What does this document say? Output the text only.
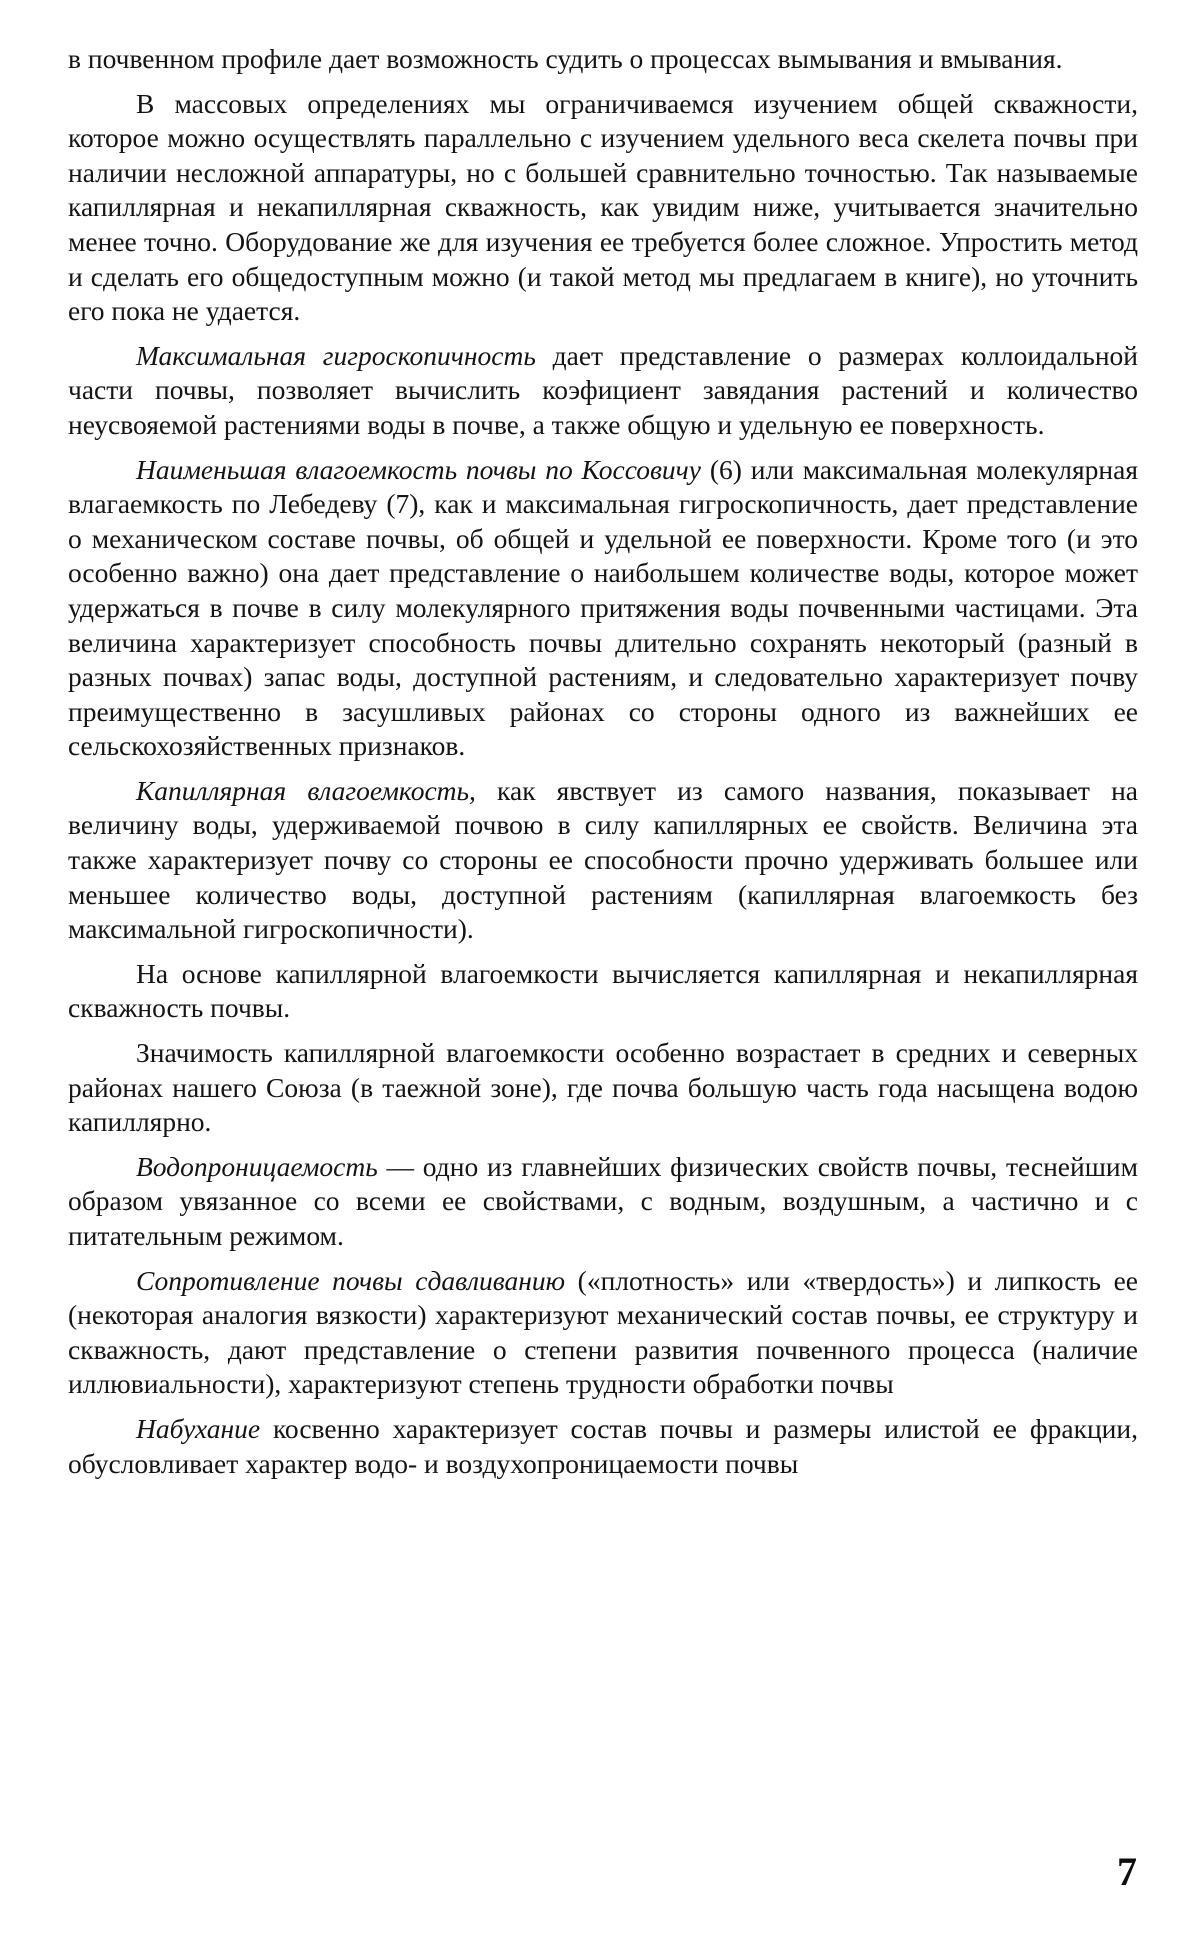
в почвенном профиле дает возможность судить о процессах вымывания и вмывания.

В массовых определениях мы ограничиваемся изучением общей скважности, которое можно осуществлять параллельно с изучением удельного веса скелета почвы при наличии несложной аппаратуры, но с большей сравнительно точностью. Так называемые капиллярная и некапиллярная скважность, как увидим ниже, учитывается значительно менее точно. Оборудование же для изучения ее требуется более сложное. Упростить метод и сделать его общедоступным можно (и такой метод мы предлагаем в книге), но уточнить его пока не удается.

Максимальная гигроскопичность дает представление о размерах коллоидальной части почвы, позволяет вычислить коэфициент завядания растений и количество неусвояемой растениями воды в почве, а также общую и удельную ее поверхность.

Наименьшая влагоемкость почвы по Коссовичу (6) или максимальная молекулярная влагаемкость по Лебедеву (7), как и максимальная гигроскопичность, дает представление о механическом составе почвы, об общей и удельной ее поверхности. Кроме того (и это особенно важно) она дает представление о наибольшем количестве воды, которое может удержаться в почве в силу молекулярного притяжения воды почвенными частицами. Эта величина характеризует способность почвы длительно сохранять некоторый (разный в разных почвах) запас воды, доступной растениям, и следовательно характеризует почву преимущественно в засушливых районах со стороны одного из важнейших ее сельскохозяйственных признаков.

Капиллярная влагоемкость, как явствует из самого названия, показывает на величину воды, удерживаемой почвою в силу капиллярных ее свойств. Величина эта также характеризует почву со стороны ее способности прочно удерживать большее или меньшее количество воды, доступной растениям (капиллярная влагоемкость без максимальной гигроскопичности).

На основе капиллярной влагоемкости вычисляется капиллярная и некапиллярная скважность почвы.

Значимость капиллярной влагоемкости особенно возрастает в средних и северных районах нашего Союза (в таежной зоне), где почва большую часть года насыщена водою капиллярно.

Водопроницаемость — одно из главнейших физических свойств почвы, теснейшим образом увязанное со всеми ее свойствами, с водным, воздушным, а частично и с питательным режимом.

Сопротивление почвы сдавливанию («плотность» или «твердость») и липкость ее (некоторая аналогия вязкости) характеризуют механический состав почвы, ее структуру и скважность, дают представление о степени развития почвенного процесса (наличие иллювиальности), характеризуют степень трудности обработки почвы

Набухание косвенно характеризует состав почвы и размеры илистой ее фракции, обусловливает характер водо- и воздухопроницаемости почвы

7
